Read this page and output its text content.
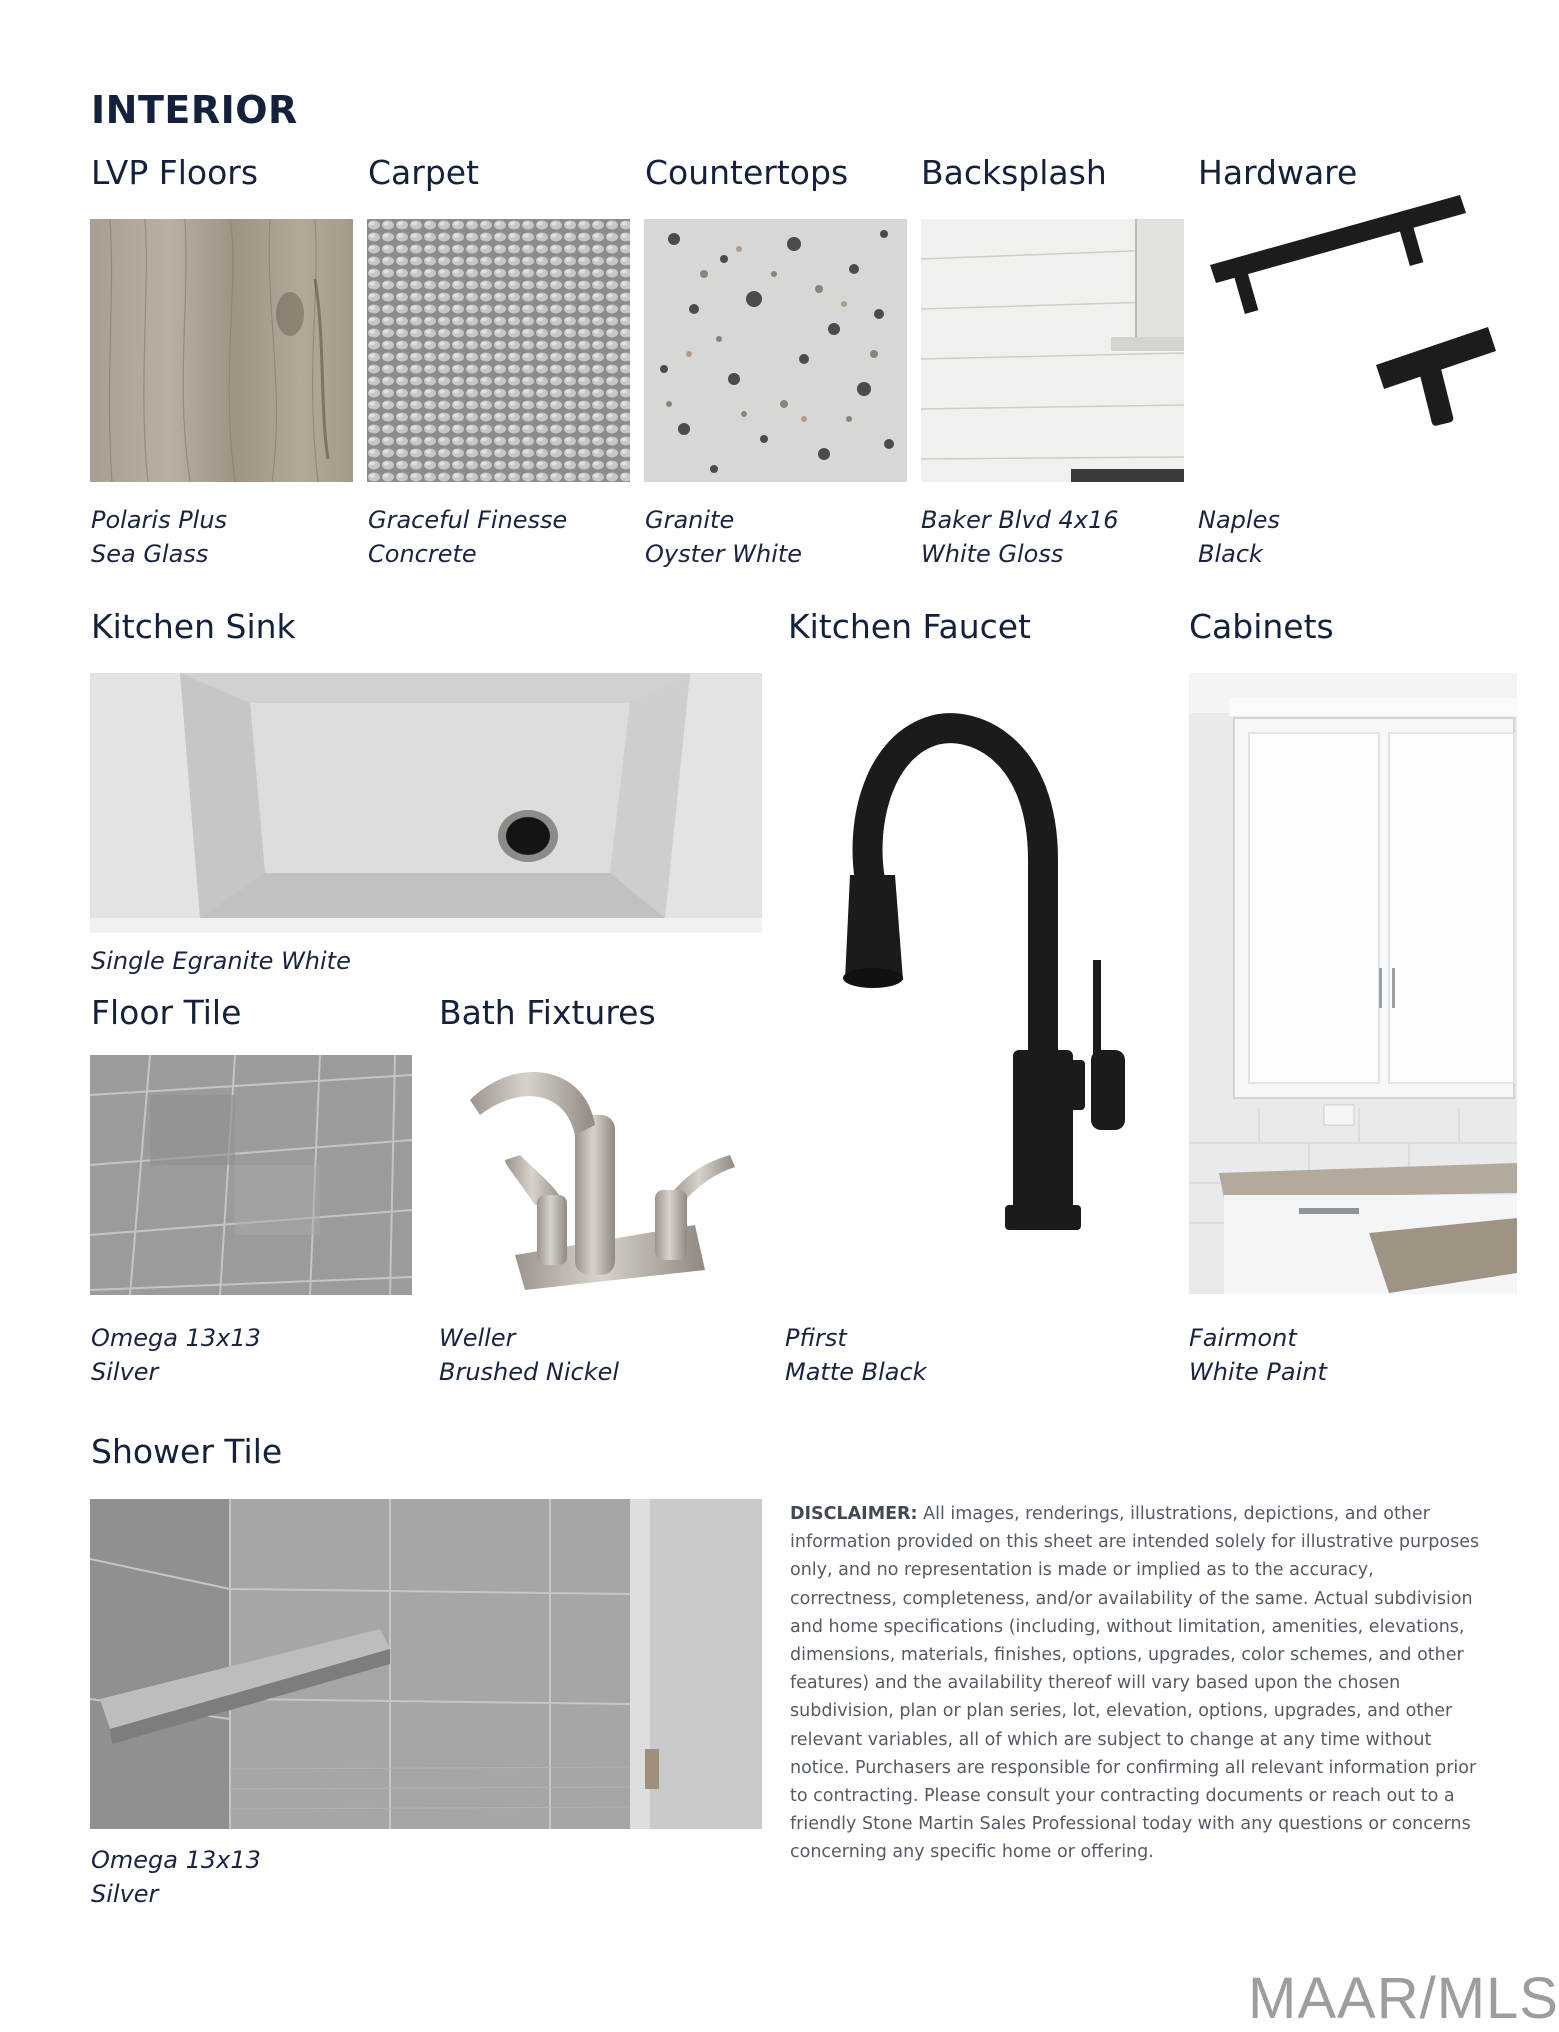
INTERIOR
LVP Floors	Carpet	Countertops Backsplash	Hardware
Polaris Plus
Sea Glass
Graceful Finesse
Concrete
Granite
Oyster White
Baker Blvd 4x16
White Gloss
Naples
Black
Kitchen Sink	Kitchen Faucet	Cabinets
Single Egranite White
Pfirst
Matte Black
Fairmont
White Paint
Floor Tile
Omega 13x13
Silver
Bath Fixtures
Weller
Brushed Nickel
Shower Tile
Omega 13x13
Silver
DISCLAIMER: All images, renderings, illustrations, depictions, and other information provided on this sheet are intended solely for illustrative purposes only, and no representation is made or implied as to the accuracy, correctness, completeness, and/or availability of the same. Actual subdivision and home specifications (including, without limitation, amenities, elevations, dimensions, materials, finishes, options, upgrades, color schemes, and other features) and the availability thereof will vary based upon the chosen subdivision, plan or plan series, lot, elevation, options, upgrades, and other relevant variables, all of which are subject to change at any time without notice. Purchasers are responsible for confirming all relevant information prior to contracting. Please consult your contracting documents or reach out to a friendly Stone Martin Sales Professional today with any questions or concerns concerning any specific home or offering.
MAAR/MLS
